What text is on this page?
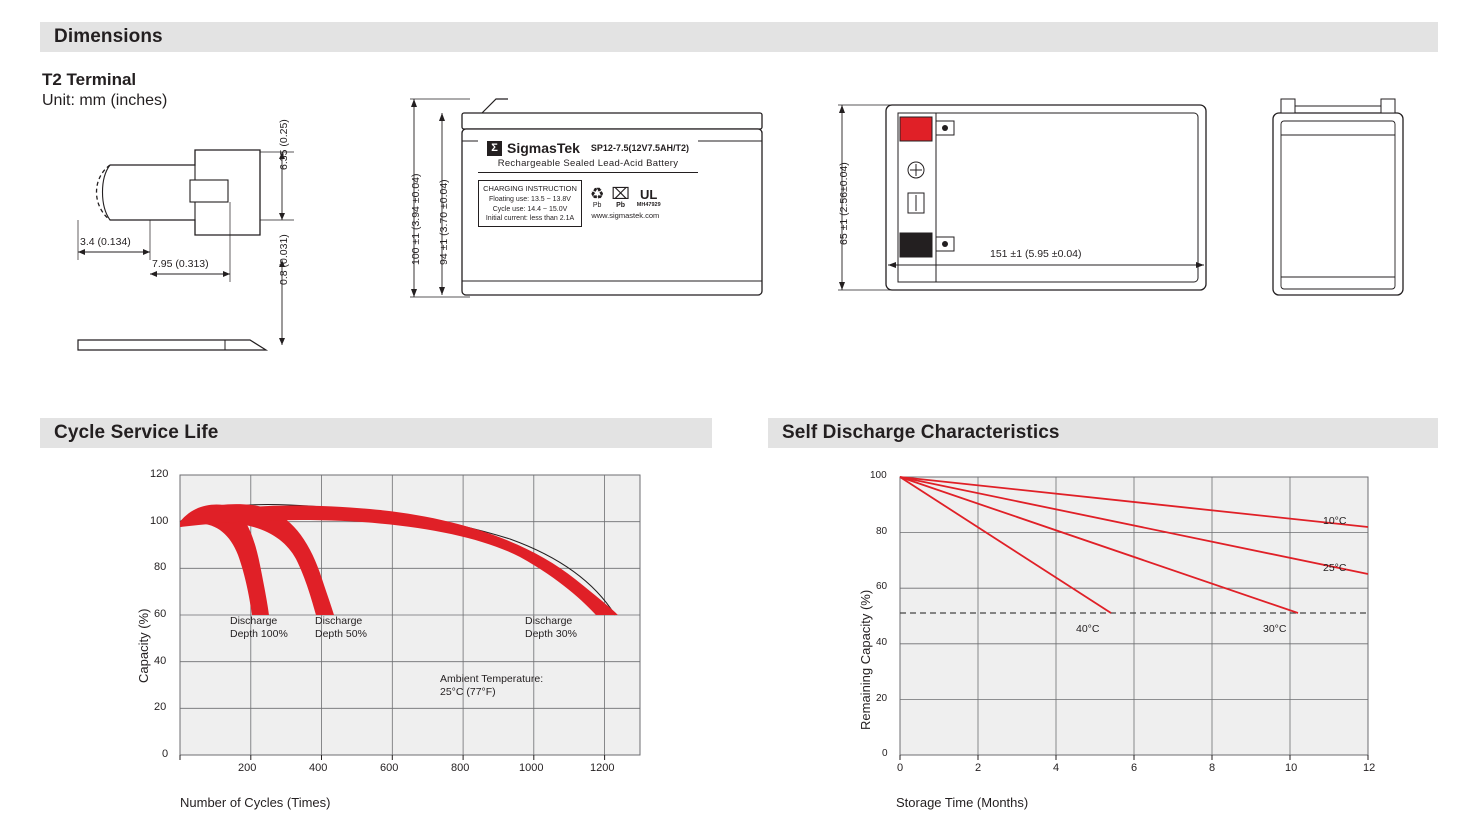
Dimensions
T2 Terminal
Unit: mm (inches)
6.35 (0.25)
0.8 (0.031)
3.4 (0.134)
7.95 (0.313)	100 ±1 (3.94 ±0.04) 94 ±1 (3.70 ±0.04)
Σ SigmasTek SP12-7.5(12V7.5AH/T2)
Rechargeable Sealed Lead-Acid Battery
CHARGING INSTRUCTION
Floating use: 13.5 ~ 13.8V
Cycle use: 14.4 ~ 15.0V
Initial current: less than 2.1A
♻
Pb
⌧
Pb
UL
MH47929
www.sigmastek.com	65 ±1 (2.56±0.04)
151 ±1 (5.95 ±0.04)
Cycle Service Life
120
100
80
60
40
20
0
200	400	600	800	1000	1200
Discharge
Depth 100%
Discharge
Depth 50%
Discharge
Depth 30%
Ambient Temperature:
25°C (77°F)
Capacity (%)
Number of Cycles (Times)
Self Discharge Characteristics
100
80
60
40
20
0
0	2	4	6	8	10	12
10°C
25°C
30°C
40°C
Remaining Capacity (%)
Storage Time (Months)
